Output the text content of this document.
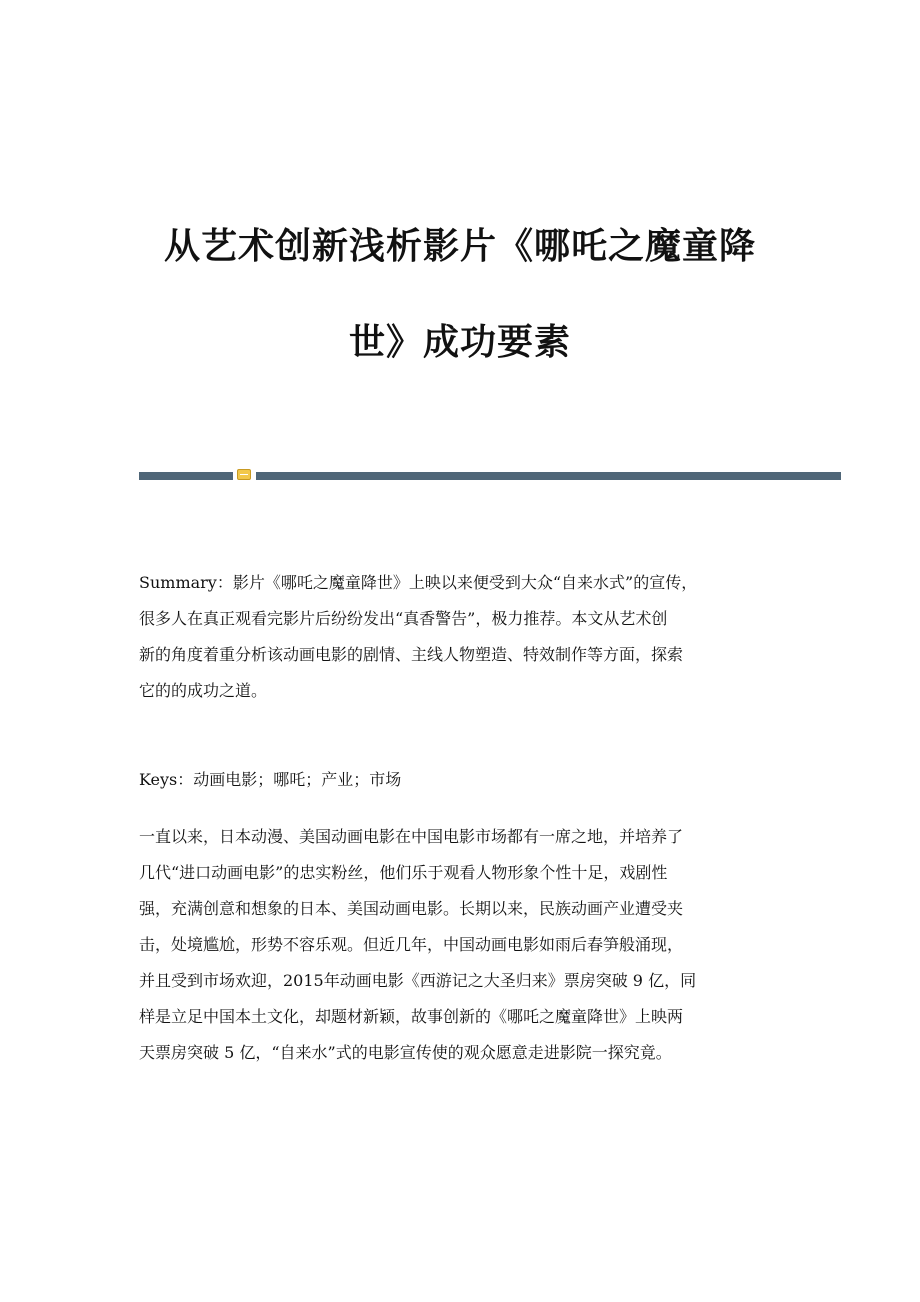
从艺术创新浅析影片《哪吒之魔童降
世》成功要素

Summary：影片《哪吒之魔童降世》上映以来便受到大众“自来水式”的宣传，
很多人在真正观看完影片后纷纷发出“真香警告”，极力推荐。本文从艺术创
新的角度着重分析该动画电影的剧情、主线人物塑造、特效制作等方面，探索
它的的成功之道。

Keys：动画电影；哪吒；产业；市场

一直以来，日本动漫、美国动画电影在中国电影市场都有一席之地，并培养了
几代“进口动画电影”的忠实粉丝，他们乐于观看人物形象个性十足，戏剧性
强，充满创意和想象的日本、美国动画电影。长期以来，民族动画产业遭受夹
击，处境尴尬，形势不容乐观。但近几年，中国动画电影如雨后春笋般涌现，
并且受到市场欢迎，2015年动画电影《西游记之大圣归来》票房突破 9 亿，同
样是立足中国本土文化，却题材新颖，故事创新的《哪吒之魔童降世》上映两
天票房突破 5 亿，“自来水”式的电影宣传使的观众愿意走进影院一探究竟。
